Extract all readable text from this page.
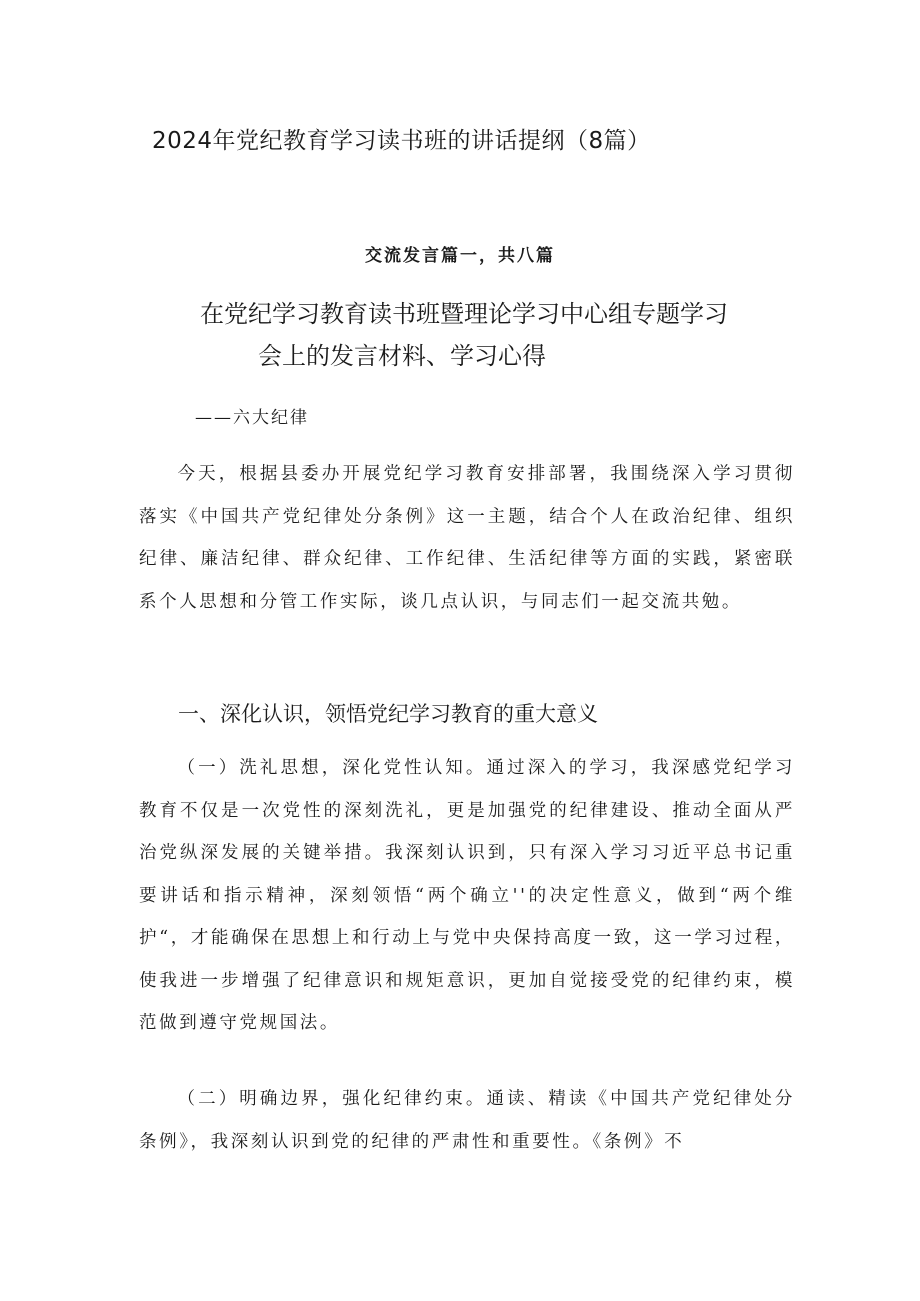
2024年党纪教育学习读书班的讲话提纲（8篇）
交流发言篇一，共八篇
在党纪学习教育读书班暨理论学习中心组专题学习
会上的发言材料、学习心得
——六大纪律

今天，根据县委办开展党纪学习教育安排部署，我围绕深入学习贯彻落实《中国共产党纪律处分条例》这一主题，结合个人在政治纪律、组织纪律、廉洁纪律、群众纪律、工作纪律、生活纪律等方面的实践，紧密联系个人思想和分管工作实际，谈几点认识，与同志们一起交流共勉。

一、深化认识，领悟党纪学习教育的重大意义

（一）洗礼思想，深化党性认知。通过深入的学习，我深感党纪学习教育不仅是一次党性的深刻洗礼，更是加强党的纪律建设、推动全面从严治党纵深发展的关键举措。我深刻认识到，只有深入学习习近平总书记重要讲话和指示精神，深刻领悟“两个确立''的决定性意义，做到“两个维护“，才能确保在思想上和行动上与党中央保持高度一致，这一学习过程，使我进一步增强了纪律意识和规矩意识，更加自觉接受党的纪律约束，模范做到遵守党规国法。

（二）明确边界，强化纪律约束。通读、精读《中国共产党纪律处分条例》，我深刻认识到党的纪律的严肃性和重要性。《条例》不
